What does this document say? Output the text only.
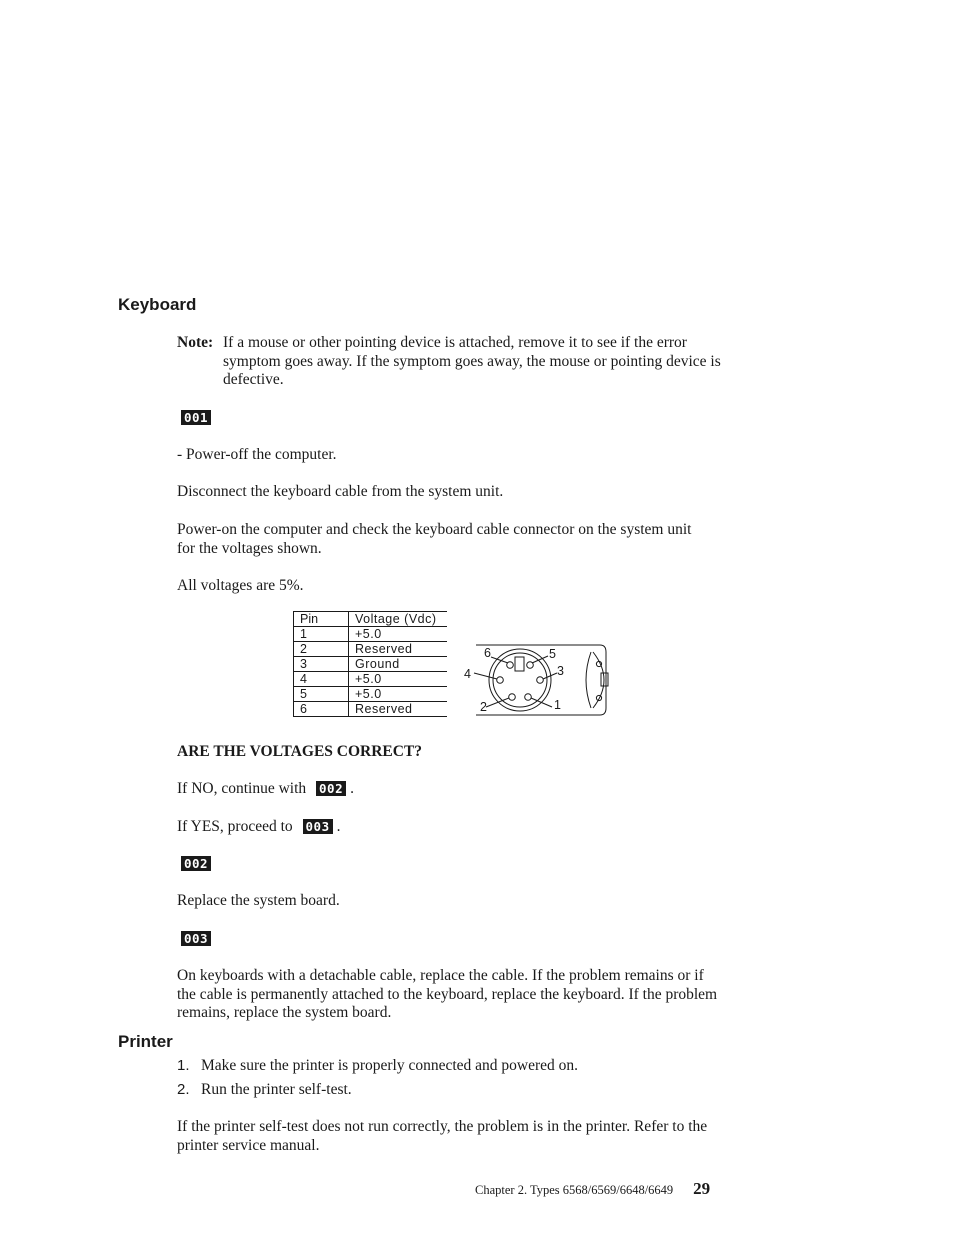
Keyboard
Note: If a mouse or other pointing device is attached, remove it to see if the error symptom goes away. If the symptom goes away, the mouse or pointing device is defective.
001
- Power-off the computer.
Disconnect the keyboard cable from the system unit.
Power-on the computer and check the keyboard cable connector on the system unit for the voltages shown.
All voltages are 5%.
Pin	Voltage (Vdc)
1	+5.0
2	Reserved
3	Ground
4	+5.0
5	+5.0
6	Reserved
6	5
4	3
2	1
ARE THE VOLTAGES CORRECT?
If NO, continue with 002 .
If YES, proceed to 003 .
002
Replace the system board.
003
On keyboards with a detachable cable, replace the cable. If the problem remains or if the cable is permanently attached to the keyboard, replace the keyboard. If the problem remains, replace the system board.
Printer
1. Make sure the printer is properly connected and powered on.
2. Run the printer self-test.
If the printer self-test does not run correctly, the problem is in the printer. Refer to the printer service manual.
Chapter 2. Types 6568/6569/6648/6649 29
